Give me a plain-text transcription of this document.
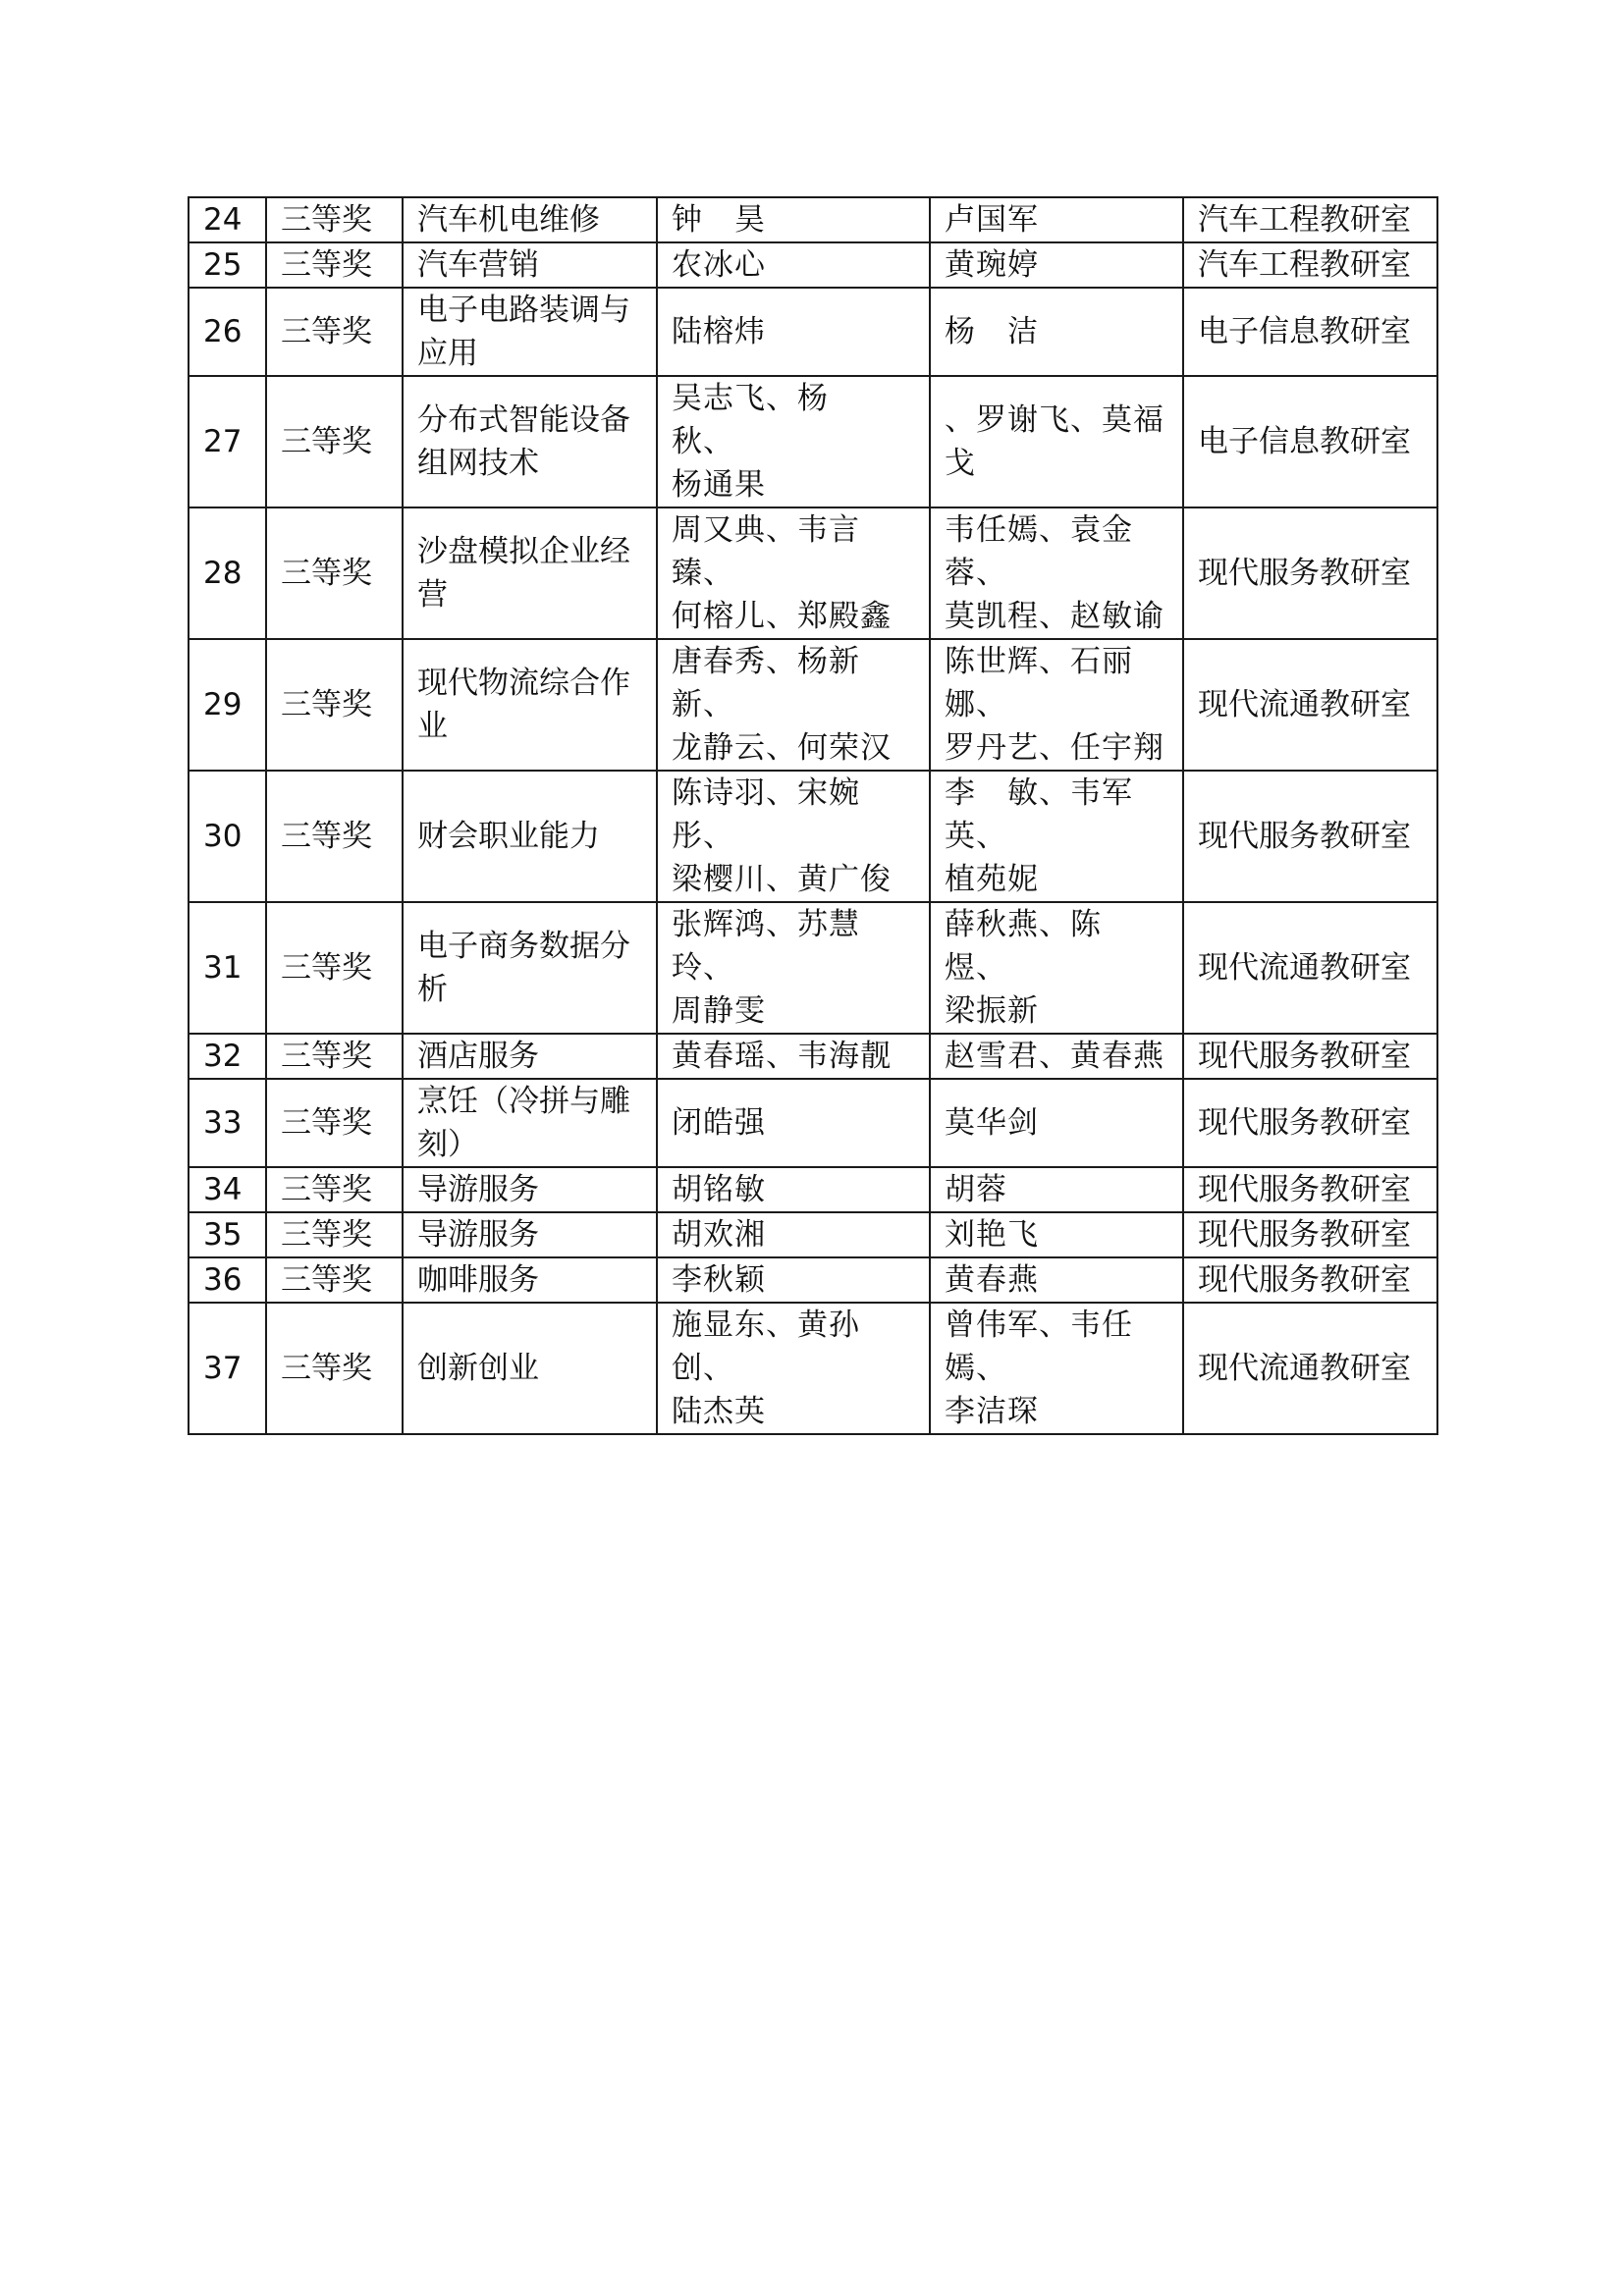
24	三等奖	汽车机电维修	钟　昊	卢国军	汽车工程教研室
25	三等奖	汽车营销	农冰心	黄琬婷	汽车工程教研室
26	三等奖	电子电路装调与
应用	陆榕炜	杨　洁	电子信息教研室
27	三等奖	分布式智能设备
组网技术	吴志飞、杨　秋、
杨通果	、罗谢飞、莫福戈	电子信息教研室
28	三等奖	沙盘模拟企业经
营	周又典、韦言臻、
何榕儿、郑殿鑫	韦任嫣、袁金蓉、
莫凯程、赵敏谕	现代服务教研室
29	三等奖	现代物流综合作
业	唐春秀、杨新新、
龙静云、何荣汉	陈世辉、石丽娜、
罗丹艺、任宇翔	现代流通教研室
30	三等奖	财会职业能力	陈诗羽、宋婉彤、
梁樱川、黄广俊	李　敏、韦军英、
植苑妮	现代服务教研室
31	三等奖	电子商务数据分
析	张辉鸿、苏慧玲、
周静雯	薛秋燕、陈　煜、
梁振新	现代流通教研室
32	三等奖	酒店服务	黄春瑶、韦海靓	赵雪君、黄春燕	现代服务教研室
33	三等奖	烹饪（冷拼与雕
刻）	闭皓强	莫华剑	现代服务教研室
34	三等奖	导游服务	胡铭敏	胡蓉	现代服务教研室
35	三等奖	导游服务	胡欢湘	刘艳飞	现代服务教研室
36	三等奖	咖啡服务	李秋颖	黄春燕	现代服务教研室
37	三等奖	创新创业	施显东、黄孙创、
陆杰英	曾伟军、韦任嫣、
李洁琛	现代流通教研室
